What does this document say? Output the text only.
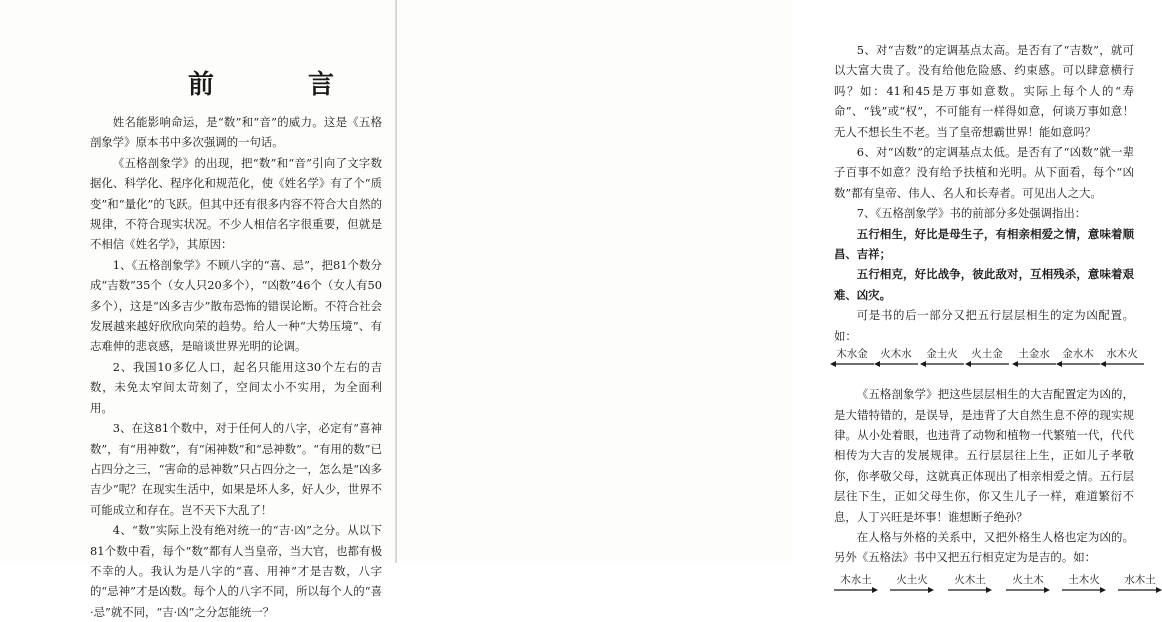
前　言

姓名能影响命运，是“数”和“音”的威力。这是《五格剖象学》原本书中多次强调的一句话。

《五格剖象学》的出现，把“数”和“音”引向了文字数据化、科学化、程序化和规范化，使《姓名学》有了个“质变”和“量化”的飞跃。但其中还有很多内容不符合大自然的规律，不符合现实状况。不少人相信名字很重要，但就是不相信《姓名学》，其原因：

1、《五格剖象学》不顾八字的“喜、忌”，把81个数分成“吉数”35个（女人只20多个），“凶数”46个（女人有50多个），这是“凶多吉少”散布恐怖的错误论断。不符合社会发展越来越好欣欣向荣的趋势。给人一种“大势压境”、有志难伸的悲哀感，是暗谈世界光明的论调。

2、我国10多亿人口，起名只能用这30个左右的吉数，未免太窄间太苛刻了，空间太小不实用，为全面利用。

3、在这81个数中，对于任何人的八字，必定有“喜神数”，有“用神数”，有“闲神数”和“忌神数”。“有用的数”已占四分之三，“害命的忌神数”只占四分之一，怎么是“凶多吉少”呢？在现实生活中，如果是坏人多，好人少，世界不可能成立和存在。岂不天下大乱了！

4、“数”实际上没有绝对统一的“吉·凶”之分。从以下81个数中看，每个“数”都有人当皇帝，当大官，也都有极不幸的人。我认为是八字的“喜、用神”才是吉数，八字的“忌神”才是凶数。每个人的八字不同，所以每个人的“喜·忌”就不同，“吉·凶”之分怎能统一？

5、对“吉数”的定调基点太高。是否有了“吉数”，就可以大富大贵了。没有给他危险感、约束感。可以肆意横行吗？如：41和45是万事如意数。实际上每个人的“寿命”、“钱”或“权”，不可能有一样得如意，何谈万事如意！无人不想长生不老。当了皇帝想霸世界！能如意吗？

6、对“凶数”的定调基点太低。是否有了“凶数”就一辈子百事不如意？没有给予扶植和光明。从下面看，每个“凶数”都有皇帝、伟人、名人和长寿者。可见出人之大。

7、《五格剖象学》书的前部分多处强调指出：

五行相生，好比是母生子，有相亲相爱之情，意味着顺昌、吉祥；

五行相克，好比战争，彼此敌对，互相残杀，意味着艰难、凶灾。

可是书的后一部分又把五行层层相生的定为凶配置。如：

木水金	火木水	金土火	火土金	土金水	金水木	水木火

《五格剖象学》把这些层层相生的大吉配置定为凶的，是大错特错的，是误导，是违背了大自然生息不停的现实规律。从小处着眼，也违背了动物和植物一代繁殖一代，代代相传为大吉的发展规律。五行层层往上生，正如儿子孝敬你，你孝敬父母，这就真正体现出了相亲相爱之情。五行层层往下生，正如父母生你，你又生儿子一样，难道繁衍不息，人丁兴旺是坏事！谁想断子绝孙？

在人格与外格的关系中，又把外格生人格也定为凶的。另外《五格法》书中又把五行相克定为是吉的。如：

木水土	火土火	火木土	火土木	土木火	水木土
